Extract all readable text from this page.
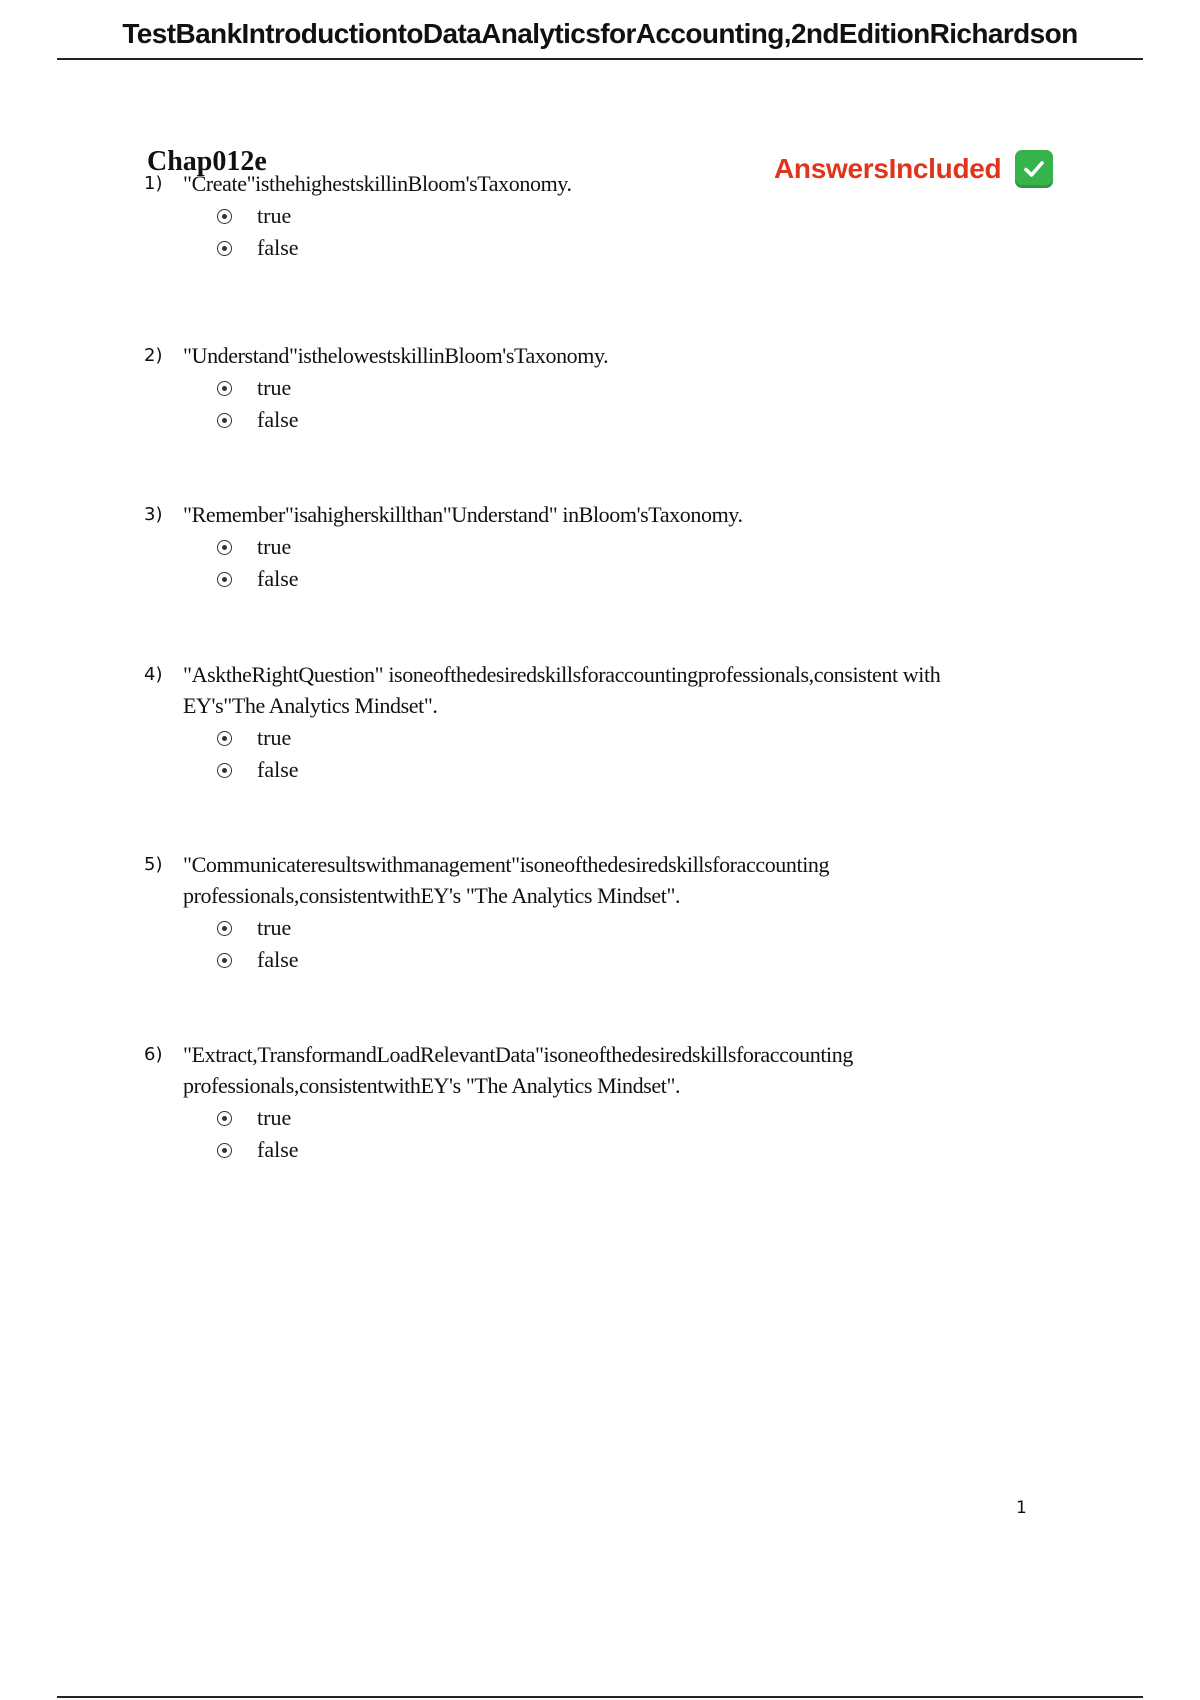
TestBankIntroductiontoDataAnalyticsforAccounting,2ndEditionRichardson
Chap012e	AnswersIncluded
1) "Create"isthehighestskillinBloom'sTaxonomy.
true
false
2) "Understand"isthelowestskillinBloom'sTaxonomy.
true
false
3) "Remember"isahigherskillthan"Understand" inBloom'sTaxonomy.
true
false
4) "AsktheRightQuestion" isoneofthedesiredskillsforaccountingprofessionals,consistent with
EY's"The Analytics Mindset".
true
false
5) "Communicateresultswithmanagement"isoneofthedesiredskillsforaccounting
professionals,consistentwithEY's "The Analytics Mindset".
true
false
6) "Extract,TransformandLoadRelevantData"isoneofthedesiredskillsforaccounting
professionals,consistentwithEY's "The Analytics Mindset".
true
false
1
